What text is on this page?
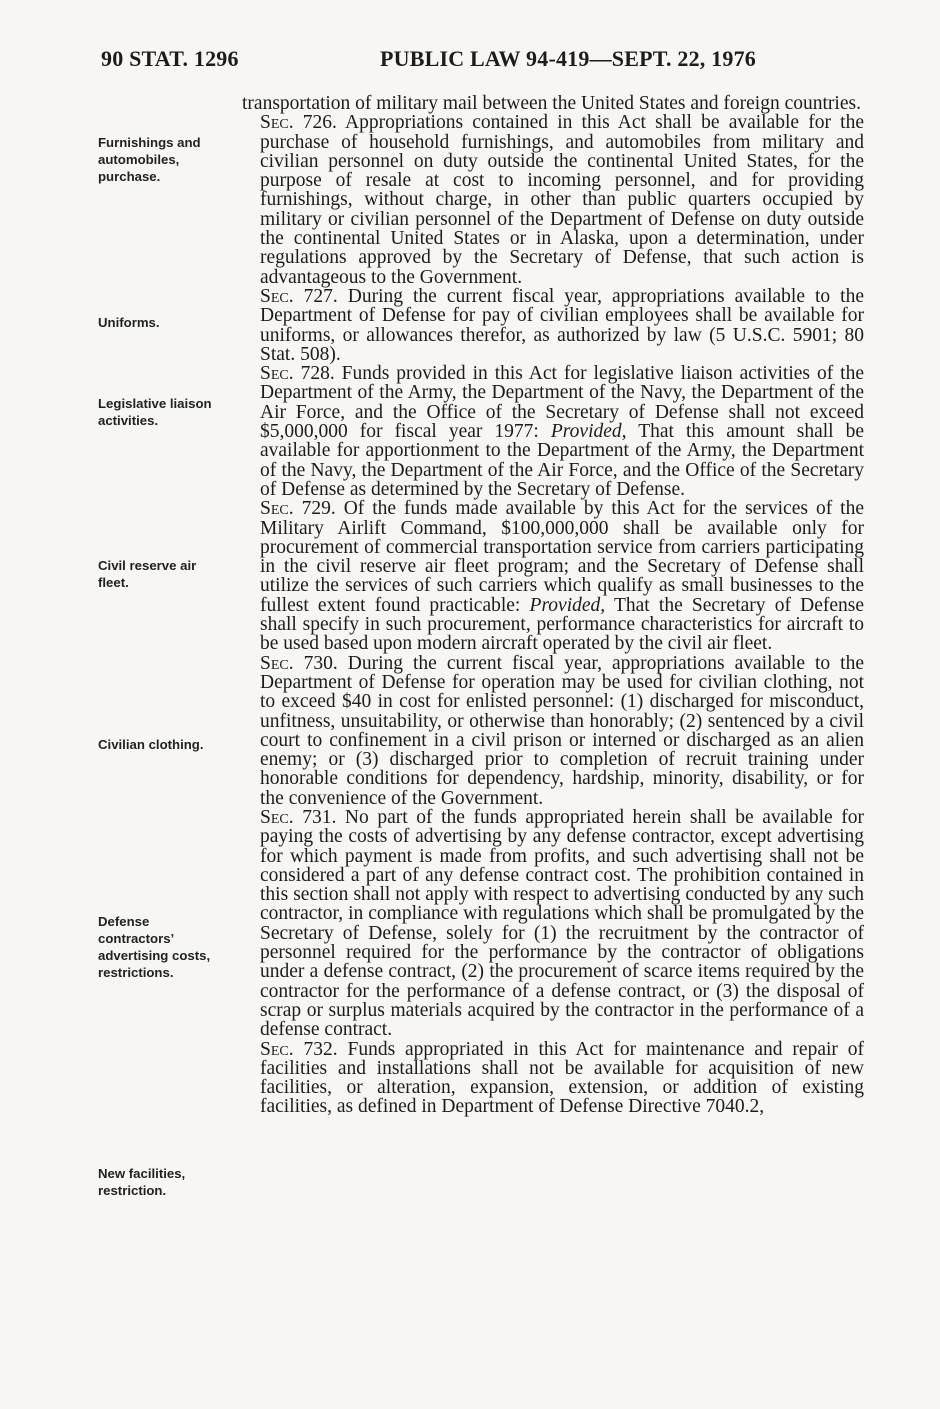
90 STAT. 1296	PUBLIC LAW 94-419—SEPT. 22, 1976
Furnishings and automobiles, purchase.
Uniforms.
Legislative liaison activities.
Civil reserve air fleet.
Civilian clothing.
Defense contractors’ advertising costs, restrictions.
New facilities, restriction.

transportation of military mail between the United States and foreign countries.

Sec. 726. Appropriations contained in this Act shall be available for the purchase of household furnishings, and automobiles from military and civilian personnel on duty outside the continental United States, for the purpose of resale at cost to incoming personnel, and for providing furnishings, without charge, in other than public quarters occupied by military or civilian personnel of the Department of Defense on duty outside the continental United States or in Alaska, upon a determination, under regulations approved by the Secretary of Defense, that such action is advantageous to the Government.

Sec. 727. During the current fiscal year, appropriations available to the Department of Defense for pay of civilian employees shall be available for uniforms, or allowances therefor, as authorized by law (5 U.S.C. 5901; 80 Stat. 508).

Sec. 728. Funds provided in this Act for legislative liaison activities of the Department of the Army, the Department of the Navy, the Department of the Air Force, and the Office of the Secretary of Defense shall not exceed $5,000,000 for fiscal year 1977: Provided, That this amount shall be available for apportionment to the Department of the Army, the Department of the Navy, the Department of the Air Force, and the Office of the Secretary of Defense as determined by the Secretary of Defense.

Sec. 729. Of the funds made available by this Act for the services of the Military Airlift Command, $100,000,000 shall be available only for procurement of commercial transportation service from carriers participating in the civil reserve air fleet program; and the Secretary of Defense shall utilize the services of such carriers which qualify as small businesses to the fullest extent found practicable: Provided, That the Secretary of Defense shall specify in such procurement, performance characteristics for aircraft to be used based upon modern aircraft operated by the civil air fleet.

Sec. 730. During the current fiscal year, appropriations available to the Department of Defense for operation may be used for civilian clothing, not to exceed $40 in cost for enlisted personnel: (1) discharged for misconduct, unfitness, unsuitability, or otherwise than honorably; (2) sentenced by a civil court to confinement in a civil prison or interned or discharged as an alien enemy; or (3) discharged prior to completion of recruit training under honorable conditions for dependency, hardship, minority, disability, or for the convenience of the Government.

Sec. 731. No part of the funds appropriated herein shall be available for paying the costs of advertising by any defense contractor, except advertising for which payment is made from profits, and such advertising shall not be considered a part of any defense contract cost. The prohibition contained in this section shall not apply with respect to advertising conducted by any such contractor, in compliance with regulations which shall be promulgated by the Secretary of Defense, solely for (1) the recruitment by the contractor of personnel required for the performance by the contractor of obligations under a defense contract, (2) the procurement of scarce items required by the contractor for the performance of a defense contract, or (3) the disposal of scrap or surplus materials acquired by the contractor in the performance of a defense contract.

Sec. 732. Funds appropriated in this Act for maintenance and repair of facilities and installations shall not be available for acquisition of new facilities, or alteration, expansion, extension, or addition of existing facilities, as defined in Department of Defense Directive 7040.2,
